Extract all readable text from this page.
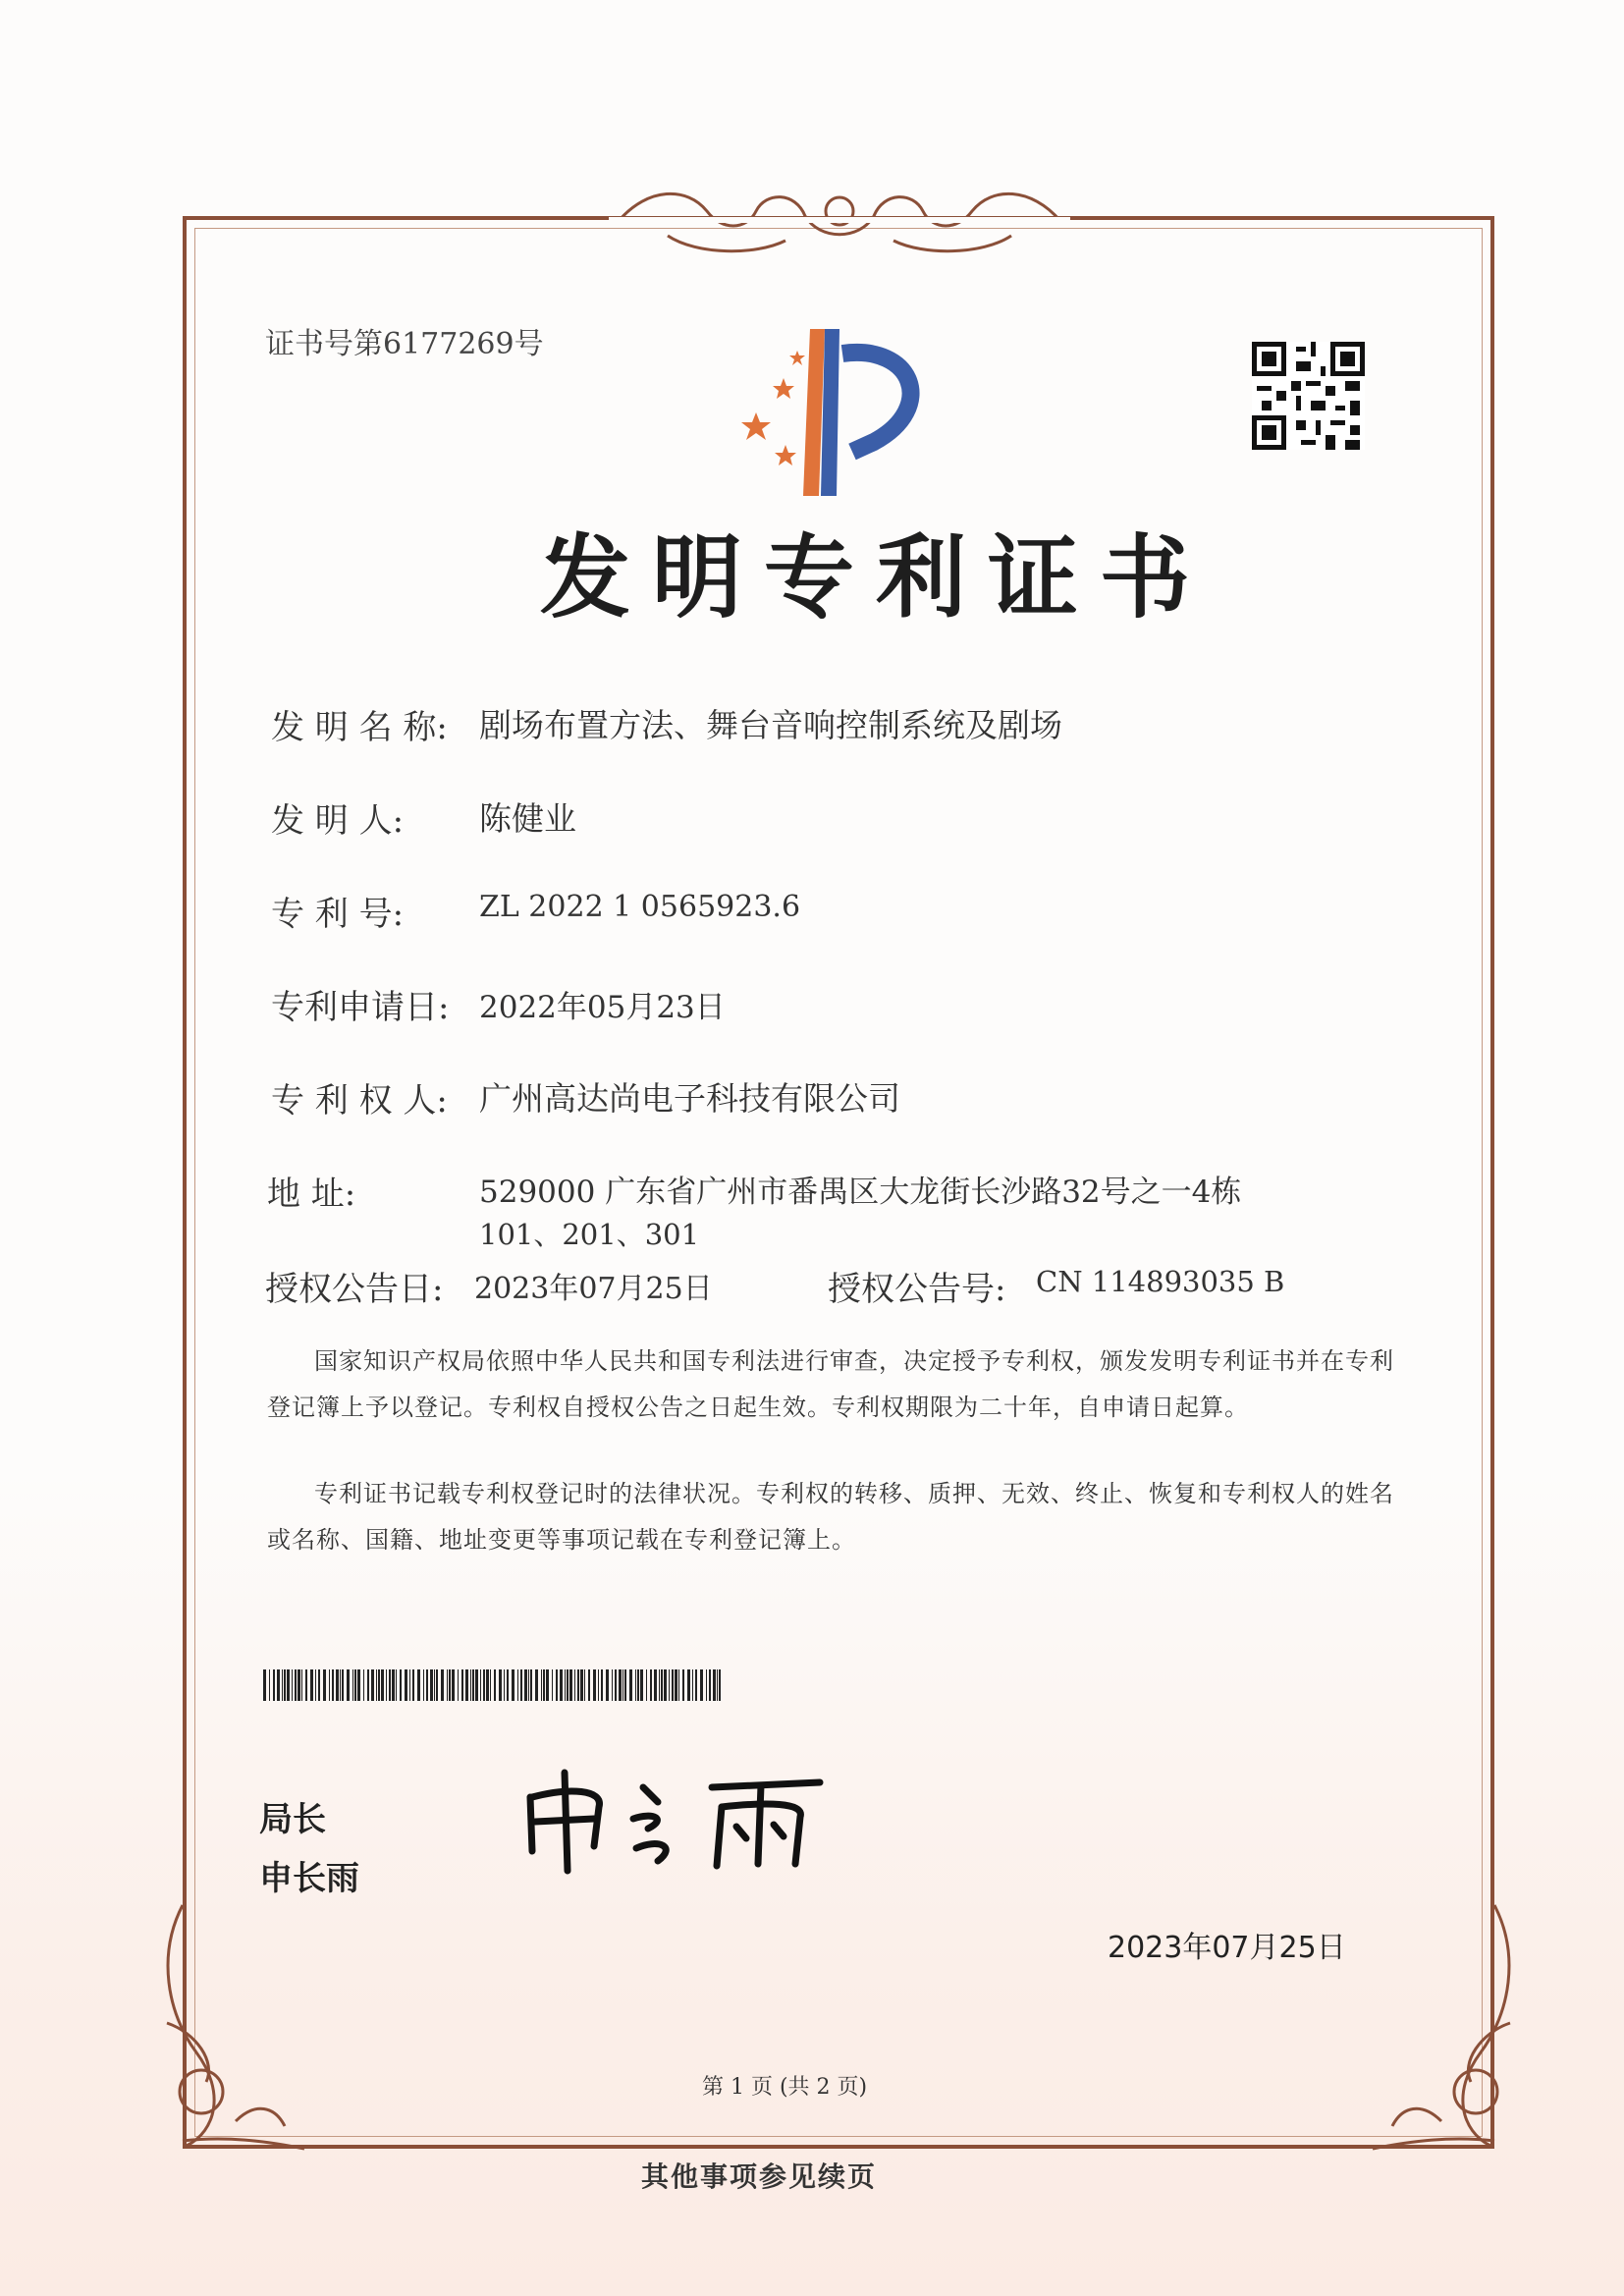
证书号第6177269号
发明专利证书
发 明 名 称: 剧场布置方法、舞台音响控制系统及剧场
发 明 人: 陈健业
专 利 号:	ZL 2022 1 0565923.6
专利申请日: 2022年05月23日
专 利 权 人: 广州高达尚电子科技有限公司
地 址:	529000 广东省广州市番禺区大龙街长沙路32号之一4栋
101、201、301
授权公告日: 2023年07月25日	授权公告号: CN 114893035 B
国家知识产权局依照中华人民共和国专利法进行审查，决定授予专利权，颁发发明专利证书并在专利登记簿上予以登记。专利权自授权公告之日起生效。专利权期限为二十年，自申请日起算。
专利证书记载专利权登记时的法律状况。专利权的转移、质押、无效、终止、恢复和专利权人的姓名或名称、国籍、地址变更等事项记载在专利登记簿上。
局长
申长雨
2023年07月25日
第 1 页 (共 2 页)
其他事项参见续页
